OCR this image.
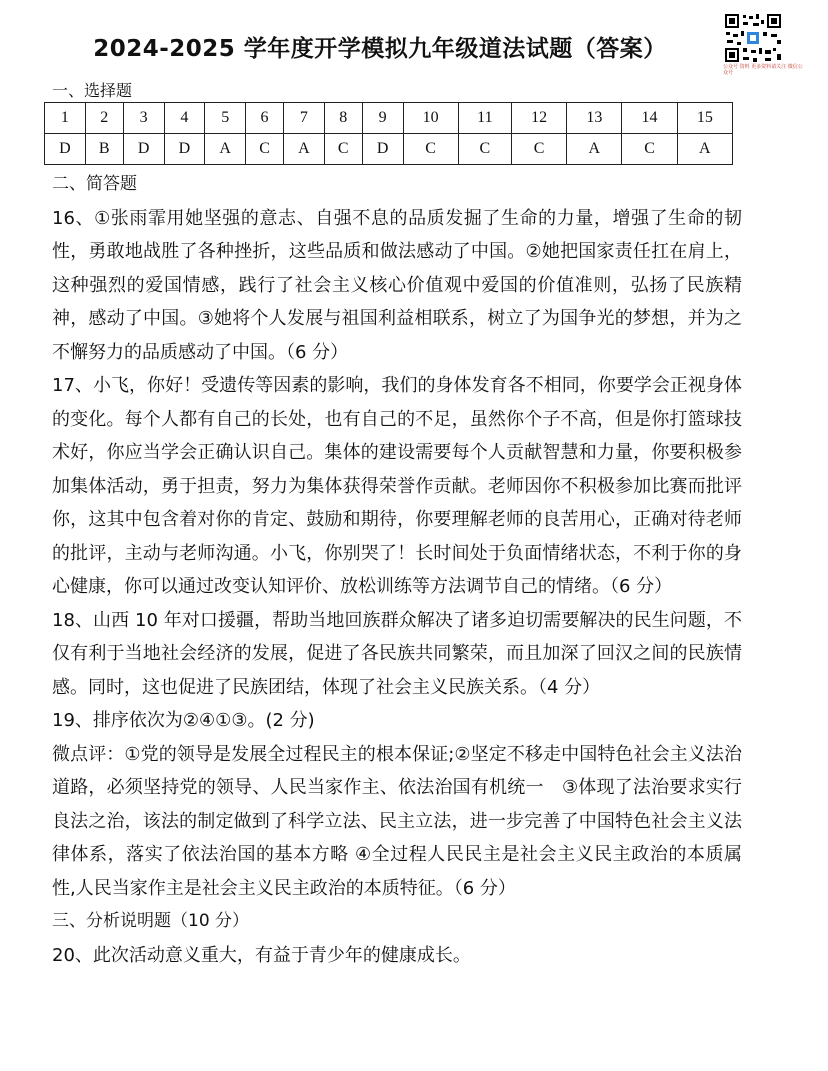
2024-2025 学年度开学模拟九年级道法试题（答案）
公众号 资料 更多资料请关注 微信公众号
一、选择题
1	2	3	4	5	6	7	8	9	10	11	12	13	14	15
D	B	D	D	A	C	A	C	D	C	C	C	A	C	A

二、简答题

16、①张雨霏用她坚强的意志、自强不息的品质发掘了生命的力量，增强了生命的韧性，勇敢地战胜了各种挫折，这些品质和做法感动了中国。②她把国家责任扛在肩上，这种强烈的爱国情感，践行了社会主义核心价值观中爱国的价值准则，弘扬了民族精神，感动了中国。③她将个人发展与祖国利益相联系，树立了为国争光的梦想，并为之不懈努力的品质感动了中国。（6 分）

17、小飞，你好！受遗传等因素的影响，我们的身体发育各不相同，你要学会正视身体的变化。每个人都有自己的长处，也有自己的不足，虽然你个子不高，但是你打篮球技术好，你应当学会正确认识自己。集体的建设需要每个人贡献智慧和力量，你要积极参加集体活动，勇于担责，努力为集体获得荣誉作贡献。老师因你不积极参加比赛而批评你，这其中包含着对你的肯定、鼓励和期待，你要理解老师的良苦用心，正确对待老师的批评，主动与老师沟通。小飞，你别哭了！长时间处于负面情绪状态，不利于你的身心健康，你可以通过改变认知评价、放松训练等方法调节自己的情绪。（6 分）

18、山西 10 年对口援疆，帮助当地回族群众解决了诸多迫切需要解决的民生问题，不仅有利于当地社会经济的发展，促进了各民族共同繁荣，而且加深了回汉之间的民族情感。同时，这也促进了民族团结，体现了社会主义民族关系。（4 分）

19、排序依次为②④①③。(2 分)

微点评：①党的领导是发展全过程民主的根本保证;②坚定不移走中国特色社会主义法治道路，必须坚持党的领导、人民当家作主、依法治国有机统一　③体现了法治要求实行良法之治，该法的制定做到了科学立法、民主立法，进一步完善了中国特色社会主义法律体系，落实了依法治国的基本方略 ④全过程人民民主是社会主义民主政治的本质属性,人民当家作主是社会主义民主政治的本质特征。（6 分）

三、分析说明题（10 分）

20、此次活动意义重大，有益于青少年的健康成长。
